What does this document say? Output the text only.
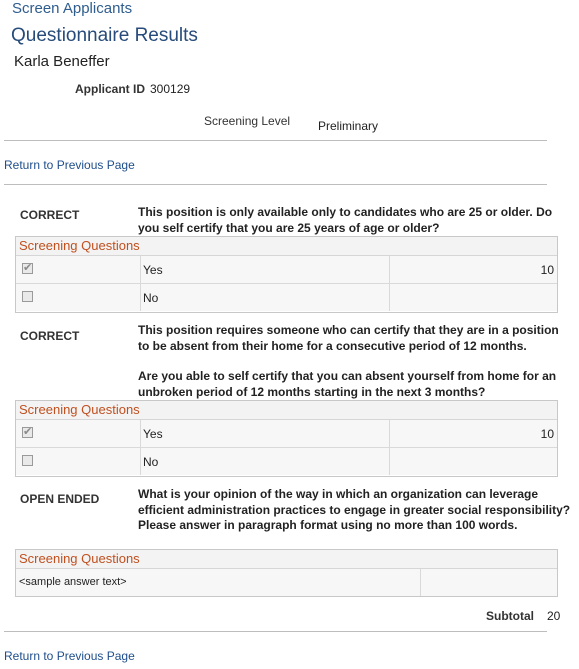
Screen Applicants
Questionnaire Results
Karla Beneffer
Applicant ID 300129
Screening Level Preliminary
Return to Previous Page
CORRECT	This position is only available only to candidates who are 25 or older. Do you self certify that you are 25 years of age or older?
Screening Questions
✔	Yes	10
No
CORRECT	This position requires someone who can certify that they are in a position to be absent from their home for a consecutive period of 12 months.
Are you able to self certify that you can absent yourself from home for an unbroken period of 12 months starting in the next 3 months?
Screening Questions
✔	Yes	10
No
OPEN ENDED	What is your opinion of the way in which an organization can leverage efficient administration practices to engage in greater social responsibility? Please answer in paragraph format using no more than 100 words.
Screening Questions
<sample answer text>
Subtotal 20
Return to Previous Page
